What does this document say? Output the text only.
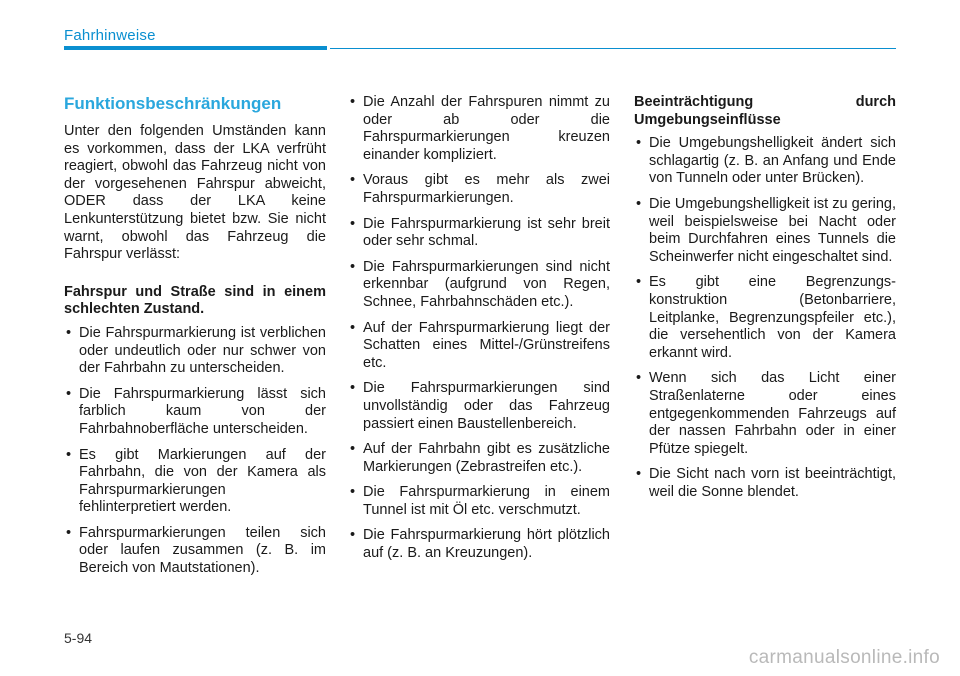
Fahrhinweise
Funktionsbeschränkungen

Unter den folgenden Umständen kann es vorkommen, dass der LKA verfrüht reagiert, obwohl das Fahrzeug nicht von der vorgesehenen Fahrspur abweicht, ODER dass der LKA keine Lenkunterstützung bietet bzw. Sie nicht warnt, obwohl das Fahrzeug die Fahrspur verlässt:

Fahrspur und Straße sind in einem schlechten Zustand.
• Die Fahrspurmarkierung ist verblichen oder undeutlich oder nur schwer von der Fahrbahn zu unterscheiden.
• Die Fahrspurmarkierung lässt sich farblich kaum von der Fahrbahnoberfläche unterscheiden.
• Es gibt Markierungen auf der Fahrbahn, die von der Kamera als Fahrspurmarkierungen fehlinterpretiert werden.
• Fahrspurmarkierungen teilen sich oder laufen zusammen (z. B. im Bereich von Mautstationen).
• Die Anzahl der Fahrspuren nimmt zu oder ab oder die Fahrspurmarkierungen kreuzen einander kompliziert.
• Voraus gibt es mehr als zwei Fahrspurmarkierungen.
• Die Fahrspurmarkierung ist sehr breit oder sehr schmal.
• Die Fahrspurmarkierungen sind nicht erkennbar (aufgrund von Regen, Schnee, Fahrbahnschäden etc.).
• Auf der Fahrspurmarkierung liegt der Schatten eines Mittel-/Grünstreifens etc.
• Die Fahrspurmarkierungen sind unvollständig oder das Fahrzeug passiert einen Baustellenbereich.
• Auf der Fahrbahn gibt es zusätzliche Markierungen (Zebrastreifen etc.).
• Die Fahrspurmarkierung in einem Tunnel ist mit Öl etc. verschmutzt.
• Die Fahrspurmarkierung hört plötzlich auf (z. B. an Kreuzungen).
Beeinträchtigung durch Umgebungseinflüsse
• Die Umgebungshelligkeit ändert sich schlagartig (z. B. an Anfang und Ende von Tunneln oder unter Brücken).
• Die Umgebungshelligkeit ist zu gering, weil beispielsweise bei Nacht oder beim Durchfahren eines Tunnels die Scheinwerfer nicht eingeschaltet sind.
• Es gibt eine Begrenzungs-konstruktion (Betonbarriere, Leitplanke, Begrenzungspfeiler etc.), die versehentlich von der Kamera erkannt wird.
• Wenn sich das Licht einer Straßenlaterne oder eines entgegenkommenden Fahrzeugs auf der nassen Fahrbahn oder in einer Pfütze spiegelt.
• Die Sicht nach vorn ist beeinträchtigt, weil die Sonne blendet.
5-94
carmanualsonline.info
